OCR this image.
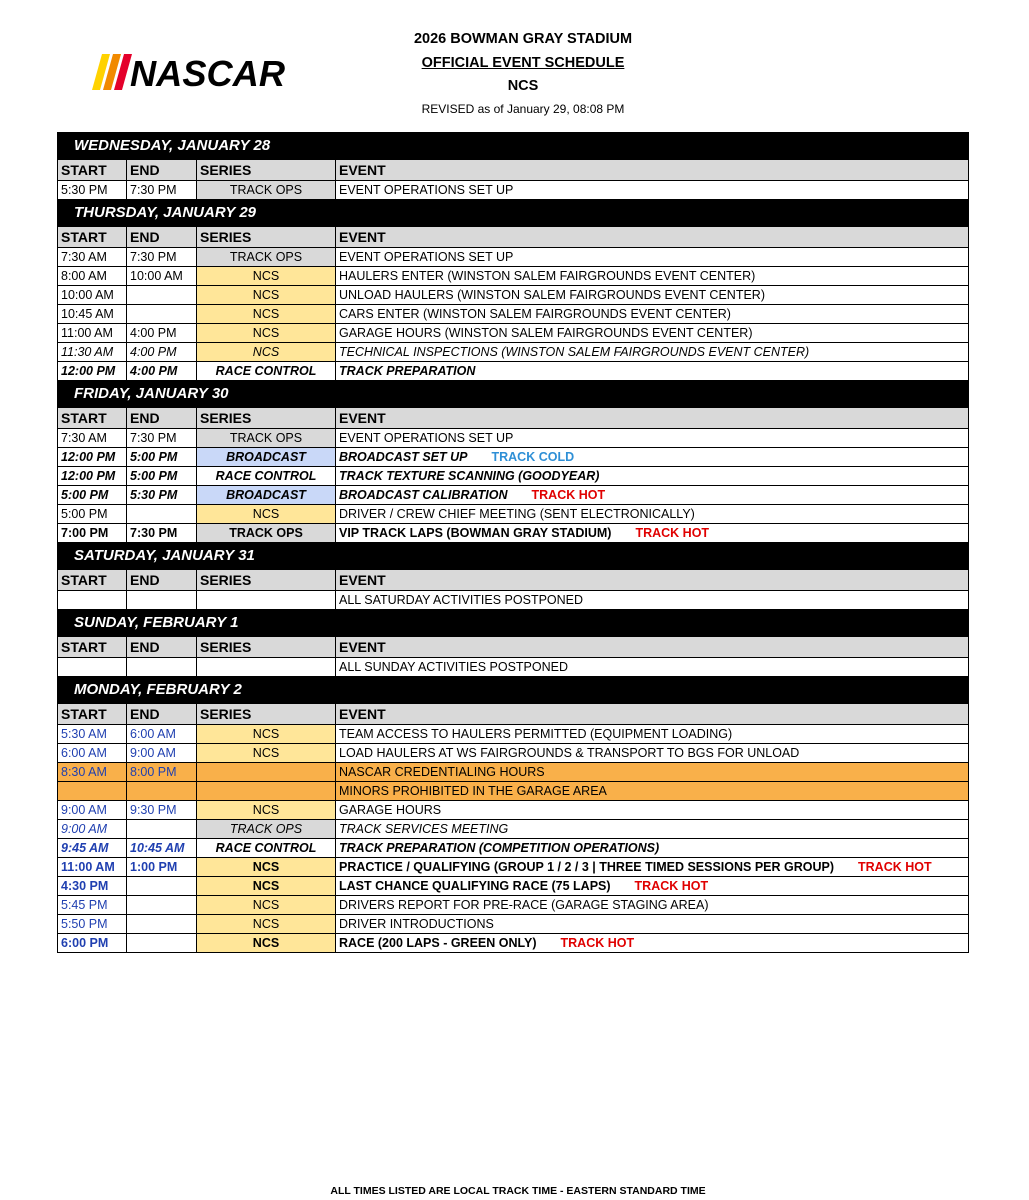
NASCAR
2026 BOWMAN GRAY STADIUM
OFFICIAL EVENT SCHEDULE
NCS
REVISED as of January 29, 08:08 PM
WEDNESDAY, JANUARY 28			
START	END	SERIES	EVENT
5:30 PM	7:30 PM	TRACK OPS	EVENT OPERATIONS SET UP
THURSDAY, JANUARY 29			
START	END	SERIES	EVENT
7:30 AM	7:30 PM	TRACK OPS	EVENT OPERATIONS SET UP
8:00 AM	10:00 AM	NCS	HAULERS ENTER (WINSTON SALEM FAIRGROUNDS EVENT CENTER)
10:00 AM		NCS	UNLOAD HAULERS (WINSTON SALEM FAIRGROUNDS EVENT CENTER)
10:45 AM		NCS	CARS ENTER (WINSTON SALEM FAIRGROUNDS EVENT CENTER)
11:00 AM	4:00 PM	NCS	GARAGE HOURS (WINSTON SALEM FAIRGROUNDS EVENT CENTER)
11:30 AM	4:00 PM	NCS	TECHNICAL INSPECTIONS (WINSTON SALEM FAIRGROUNDS EVENT CENTER)
12:00 PM	4:00 PM	RACE CONTROL	TRACK PREPARATION
FRIDAY, JANUARY 30			
START	END	SERIES	EVENT
7:30 AM	7:30 PM	TRACK OPS	EVENT OPERATIONS SET UP
12:00 PM	5:00 PM	BROADCAST	BROADCAST SET UP TRACK COLD
12:00 PM	5:00 PM	RACE CONTROL	TRACK TEXTURE SCANNING (GOODYEAR)
5:00 PM	5:30 PM	BROADCAST	BROADCAST CALIBRATION TRACK HOT
5:00 PM		NCS	DRIVER / CREW CHIEF MEETING (SENT ELECTRONICALLY)
7:00 PM	7:30 PM	TRACK OPS	VIP TRACK LAPS (BOWMAN GRAY STADIUM) TRACK HOT
SATURDAY, JANUARY 31			
START	END	SERIES	EVENT
			ALL SATURDAY ACTIVITIES POSTPONED
SUNDAY, FEBRUARY 1			
START	END	SERIES	EVENT
			ALL SUNDAY ACTIVITIES POSTPONED
MONDAY, FEBRUARY 2			
START	END	SERIES	EVENT
5:30 AM	6:00 AM	NCS	TEAM ACCESS TO HAULERS PERMITTED (EQUIPMENT LOADING)
6:00 AM	9:00 AM	NCS	LOAD HAULERS AT WS FAIRGROUNDS & TRANSPORT TO BGS FOR UNLOAD
8:30 AM	8:00 PM		NASCAR CREDENTIALING HOURS
			MINORS PROHIBITED IN THE GARAGE AREA
9:00 AM	9:30 PM	NCS	GARAGE HOURS
9:00 AM		TRACK OPS	TRACK SERVICES MEETING
9:45 AM	10:45 AM	RACE CONTROL	TRACK PREPARATION (COMPETITION OPERATIONS)
11:00 AM	1:00 PM	NCS	PRACTICE / QUALIFYING (GROUP 1 / 2 / 3 | THREE TIMED SESSIONS PER GROUP) TRACK HOT
4:30 PM		NCS	LAST CHANCE QUALIFYING RACE (75 LAPS) TRACK HOT
5:45 PM		NCS	DRIVERS REPORT FOR PRE-RACE (GARAGE STAGING AREA)
5:50 PM		NCS	DRIVER INTRODUCTIONS
6:00 PM		NCS	RACE (200 LAPS - GREEN ONLY) TRACK HOT
ALL TIMES LISTED ARE LOCAL TRACK TIME - EASTERN STANDARD TIME
